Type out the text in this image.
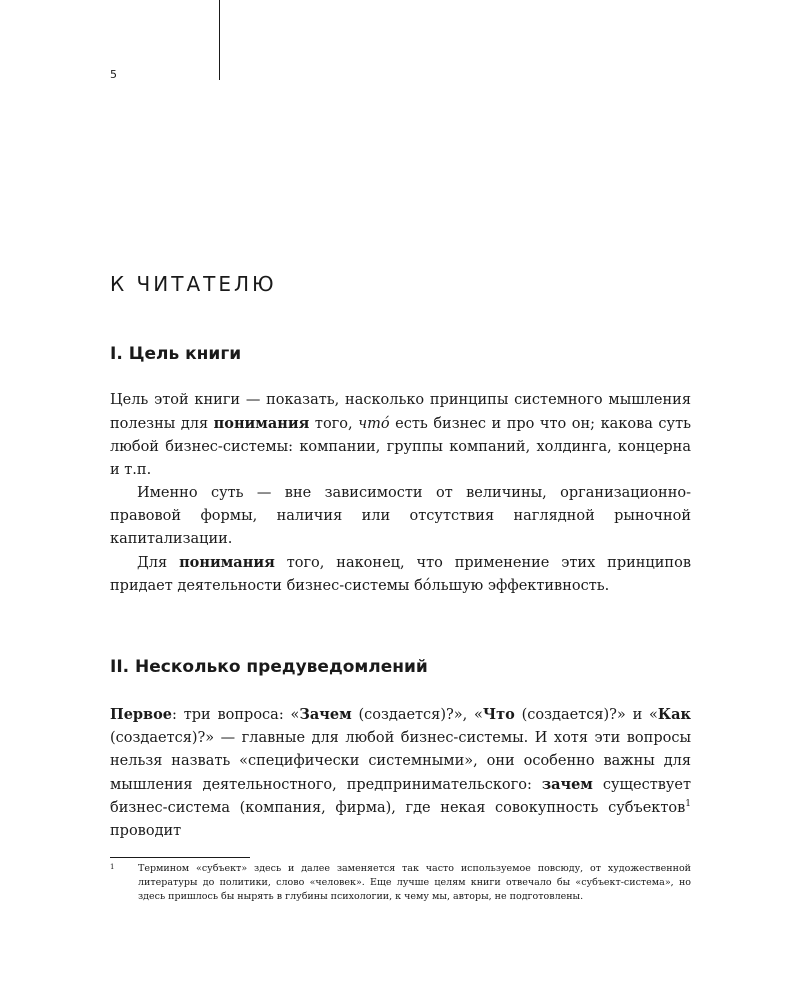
5
К ЧИТАТЕЛЮ
I. Цель книги

Цель этой книги — показать, насколько принципы системного мышления полезны для понимания того, чтó есть бизнес и про что он; какова суть любой бизнес-системы: компании, группы компаний, холдинга, концерна и т.п.

Именно суть — вне зависимости от величины, организационно-правовой формы, наличия или отсутствия наглядной рыночной капитализации.

Для понимания того, наконец, что применение этих принципов придает деятельности бизнес-системы бóльшую эффективность.

II. Несколько предуведомлений

Первое: три вопроса: «Зачем (создается)?», «Что (создается)?» и «Как (создается)?» — главные для любой бизнес-системы. И хотя эти вопросы нельзя назвать «специфически системными», они особенно важны для мышления деятельностного, предпринимательского: зачем существует бизнес-система (компания, фирма), где некая совокупность субъектов$^1$ проводит

1	Термином «субъект» здесь и далее заменяется так часто используемое повсюду, от художественной литературы до политики, слово «человек». Еще лучше целям книги отвечало бы «субъект-система», но здесь пришлось бы нырять в глубины психологии, к чему мы, авторы, не подготовлены.
